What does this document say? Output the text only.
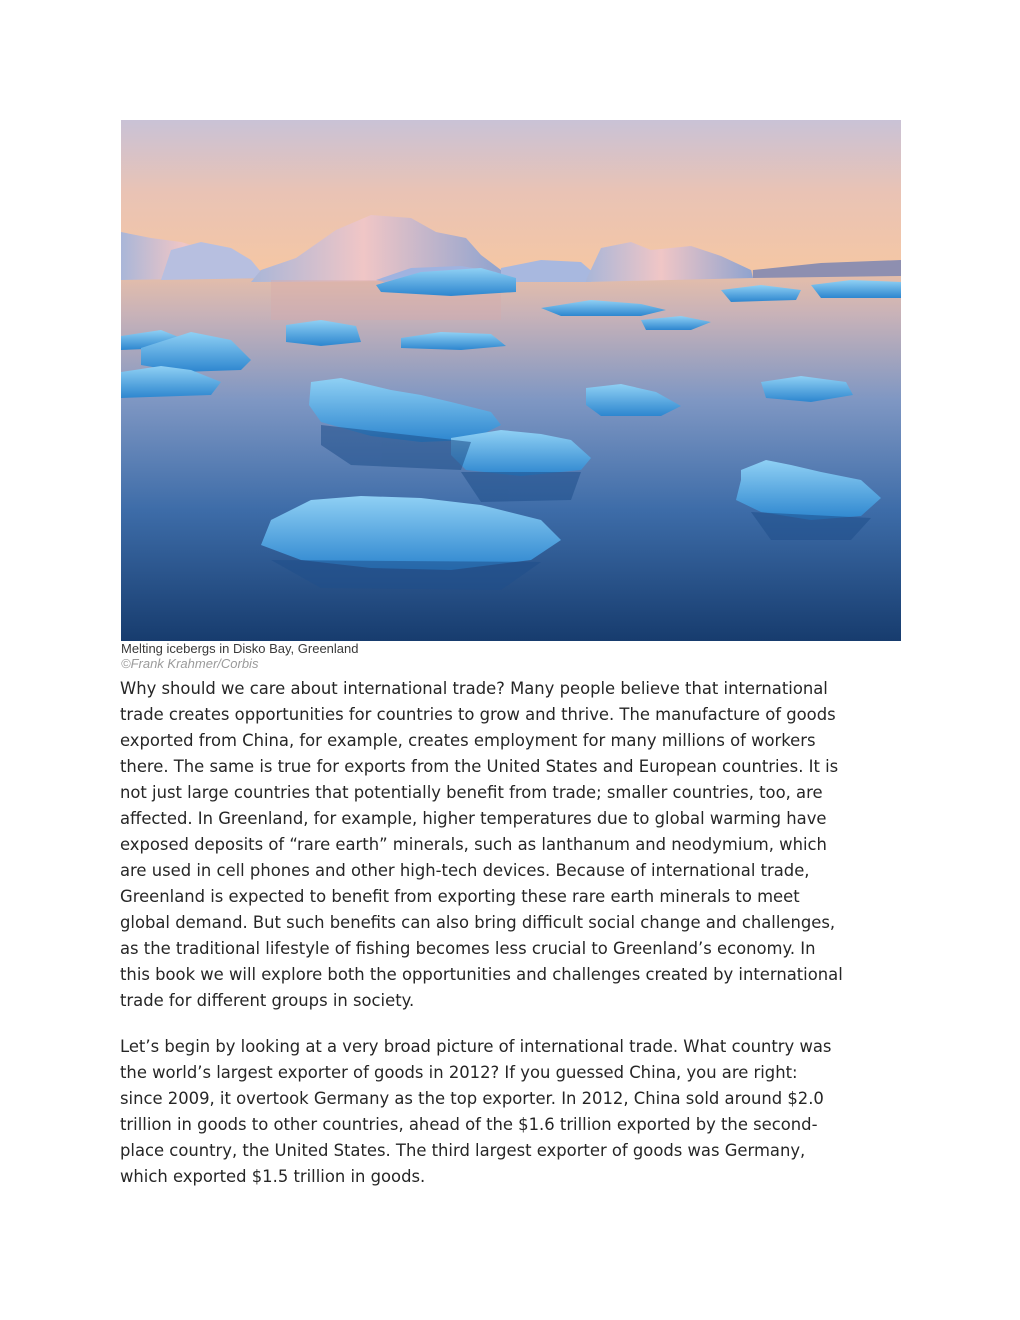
Melting icebergs in Disko Bay, Greenland
©Frank Krahmer/Corbis

Why should we care about international trade? Many people believe that international
trade creates opportunities for countries to grow and thrive. The manufacture of goods
exported from China, for example, creates employment for many millions of workers
there. The same is true for exports from the United States and European countries. It is
not just large countries that potentially benefit from trade; smaller countries, too, are
affected. In Greenland, for example, higher temperatures due to global warming have
exposed deposits of “rare earth” minerals, such as lanthanum and neodymium, which
are used in cell phones and other high-tech devices. Because of international trade,
Greenland is expected to benefit from exporting these rare earth minerals to meet
global demand. But such benefits can also bring difficult social change and challenges,
as the traditional lifestyle of fishing becomes less crucial to Greenland’s economy. In
this book we will explore both the opportunities and challenges created by international
trade for different groups in society.

Let’s begin by looking at a very broad picture of international trade. What country was
the world’s largest exporter of goods in 2012? If you guessed China, you are right:
since 2009, it overtook Germany as the top exporter. In 2012, China sold around $2.0
trillion in goods to other countries, ahead of the $1.6 trillion exported by the second-
place country, the United States. The third largest exporter of goods was Germany,
which exported $1.5 trillion in goods.
